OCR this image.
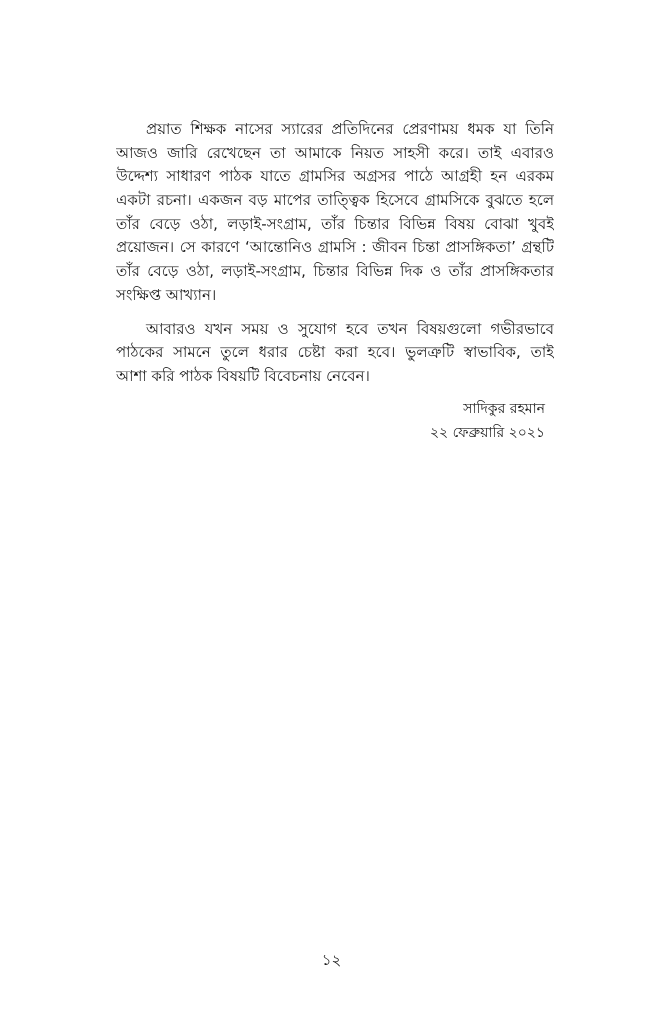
প্রয়াত শিক্ষক নাসের স্যারের প্রতিদিনের প্রেরণাময় ধমক যা তিনি
আজও জারি রেখেছেন তা আমাকে নিয়ত সাহসী করে। তাই এবারও
উদ্দেশ্য সাধারণ পাঠক যাতে গ্রামসির অগ্রসর পাঠে আগ্রহী হন এরকম
একটা রচনা। একজন বড় মাপের তাত্ত্বিক হিসেবে গ্রামসিকে বুঝতে হলে
তাঁর বেড়ে ওঠা, লড়াই-সংগ্রাম, তাঁর চিন্তার বিভিন্ন বিষয় বোঝা খুবই
প্রয়োজন। সে কারণে ‘আন্তোনিও গ্রামসি : জীবন চিন্তা প্রাসঙ্গিকতা’ গ্রন্থটি
তাঁর বেড়ে ওঠা, লড়াই-সংগ্রাম, চিন্তার বিভিন্ন দিক ও তাঁর প্রাসঙ্গিকতার
সংক্ষিপ্ত আখ্যান।
আবারও যখন সময় ও সুযোগ হবে তখন বিষয়গুলো গভীরভাবে
পাঠকের সামনে তুলে ধরার চেষ্টা করা হবে। ভুলত্রুটি স্বাভাবিক, তাই
আশা করি পাঠক বিষয়টি বিবেচনায় নেবেন।
সাদিকুর রহমান
২২ ফেব্রুয়ারি ২০২১
১২
